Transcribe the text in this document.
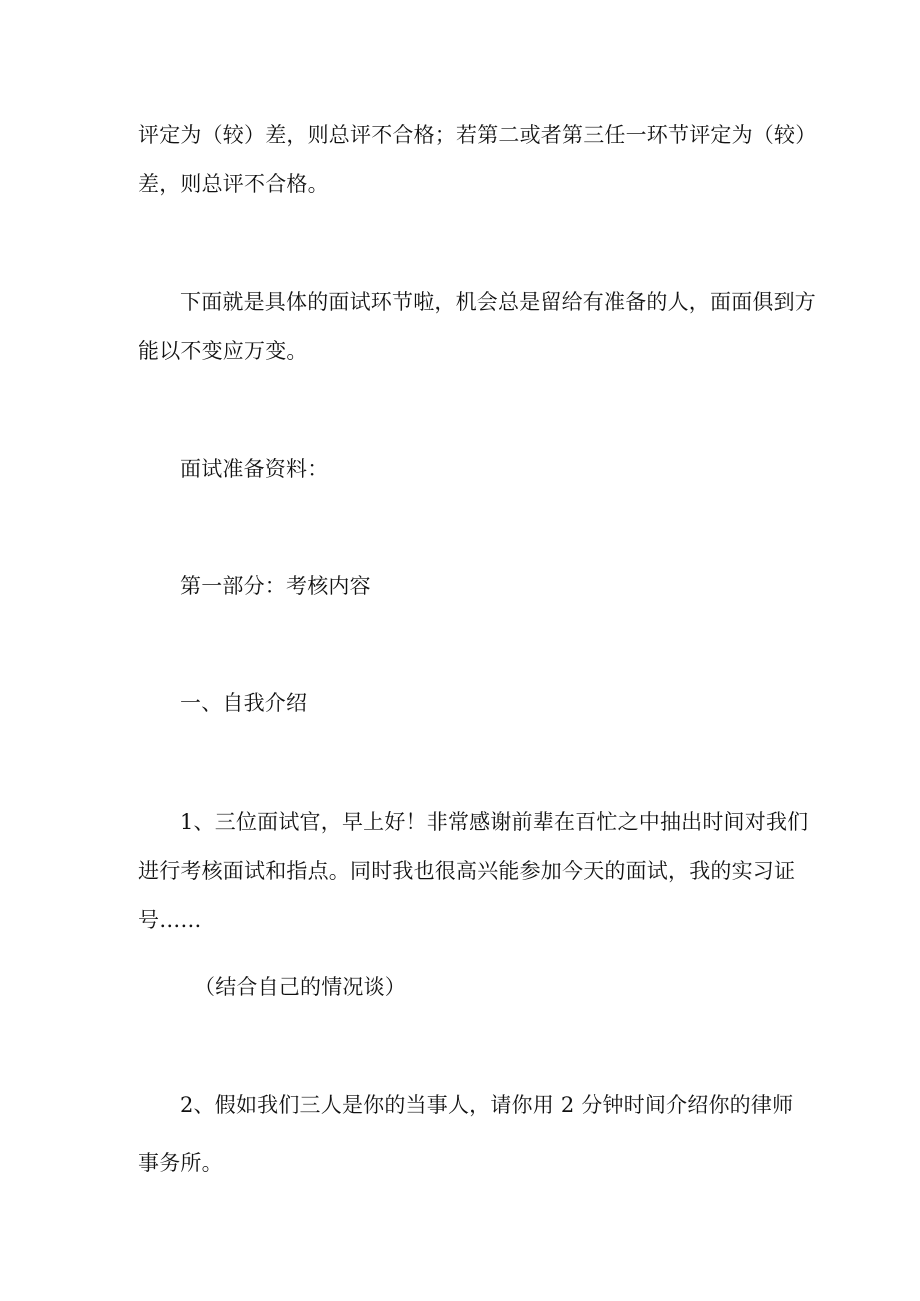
评定为（较）差，则总评不合格；若第二或者第三任一环节评定为（较）
差，则总评不合格。
下面就是具体的面试环节啦，机会总是留给有准备的人，面面俱到方
能以不变应万变。
面试准备资料：
第一部分：考核内容
一、自我介绍
1、三位面试官，早上好！非常感谢前辈在百忙之中抽出时间对我们
进行考核面试和指点。同时我也很高兴能参加今天的面试，我的实习证
号……
（结合自己的情况谈）
2、假如我们三人是你的当事人，请你用 2 分钟时间介绍你的律师
事务所。
